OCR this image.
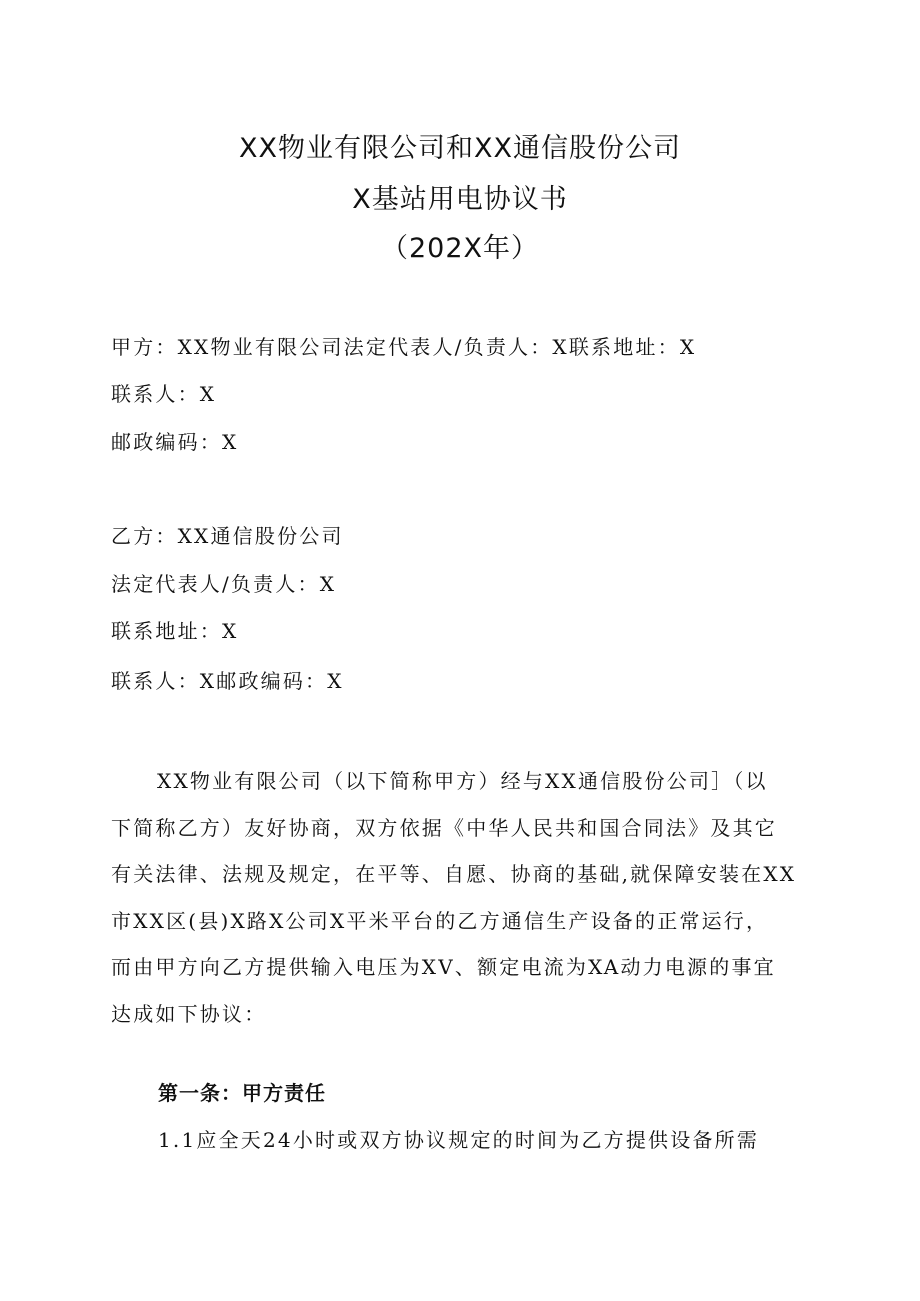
XX物业有限公司和XX通信股份公司
X基站用电协议书
（202X年）
甲方：XX物业有限公司法定代表人/负责人：X联系地址：X
联系人：X
邮政编码：X
乙方：XX通信股份公司
法定代表人/负责人：X
联系地址：X
联系人：X邮政编码：X
XX物业有限公司（以下简称甲方）经与XX通信股份公司］（以
下简称乙方）友好协商，双方依据《中华人民共和国合同法》及其它
有关法律、法规及规定，在平等、自愿、协商的基础,就保障安装在XX
市XX区(县)X路X公司X平米平台的乙方通信生产设备的正常运行，
而由甲方向乙方提供输入电压为XV、额定电流为XA动力电源的事宜
达成如下协议：
第一条：甲方责任
1.1应全天24小时或双方协议规定的时间为乙方提供设备所需
